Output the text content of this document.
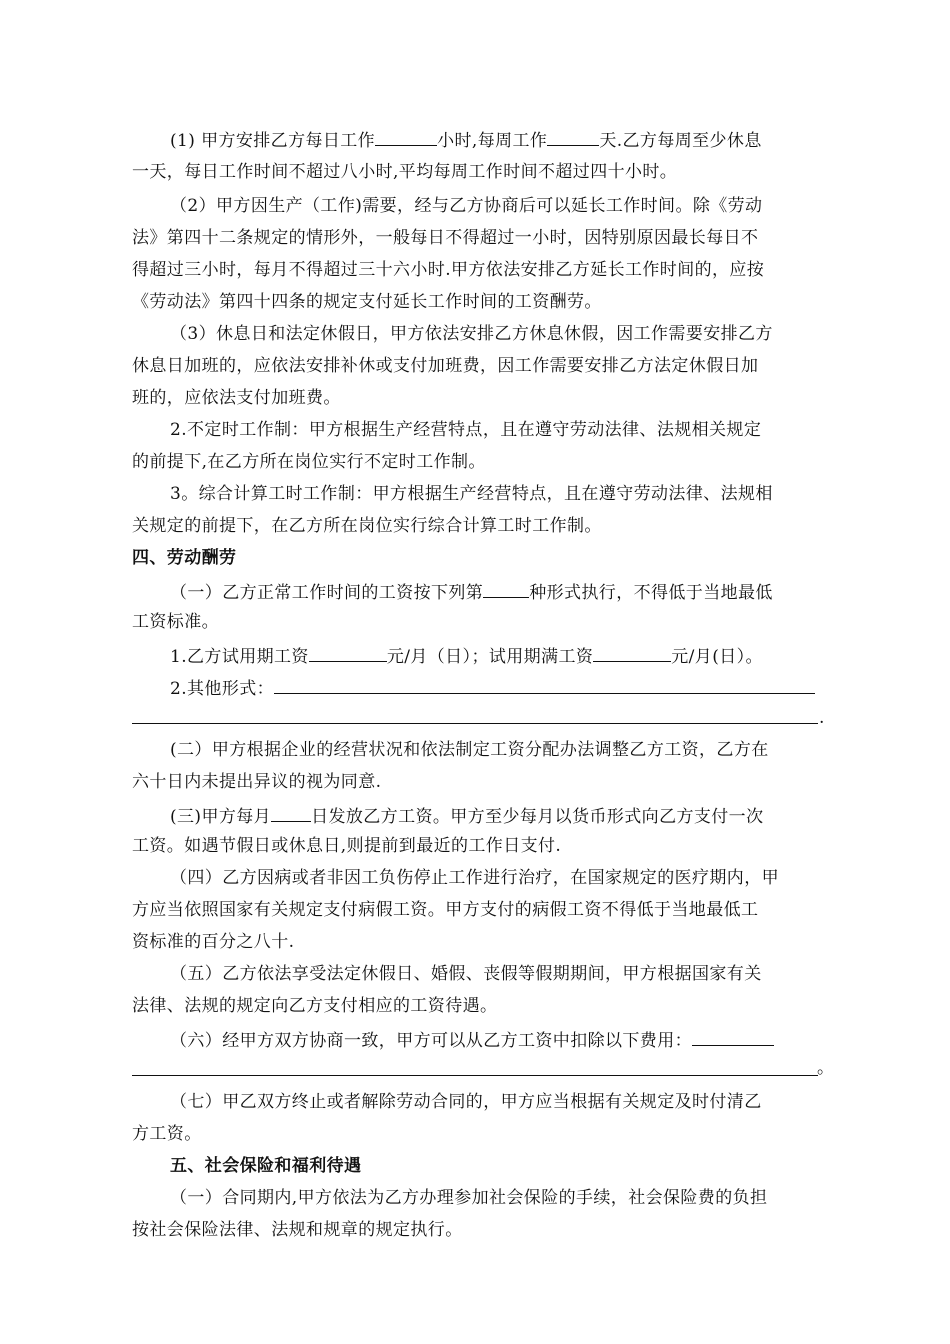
(1) 甲方安排乙方每日工作	小时,每周工作	天.乙方每周至少休息
一天，每日工作时间不超过八小时,平均每周工作时间不超过四十小时。
（2）甲方因生产（工作)需要，经与乙方协商后可以延长工作时间。除《劳动
法》第四十二条规定的情形外，一般每日不得超过一小时，因特别原因最长每日不
得超过三小时，每月不得超过三十六小时.甲方依法安排乙方延长工作时间的，应按
《劳动法》第四十四条的规定支付延长工作时间的工资酬劳。
（3）休息日和法定休假日，甲方依法安排乙方休息休假，因工作需要安排乙方
休息日加班的，应依法安排补休或支付加班费，因工作需要安排乙方法定休假日加
班的，应依法支付加班费。
2.不定时工作制：甲方根据生产经营特点，且在遵守劳动法律、法规相关规定
的前提下,在乙方所在岗位实行不定时工作制。
3。综合计算工时工作制：甲方根据生产经营特点，且在遵守劳动法律、法规相
关规定的前提下，在乙方所在岗位实行综合计算工时工作制。
四、劳动酬劳
（一）乙方正常工作时间的工资按下列第	种形式执行，不得低于当地最低
工资标准。
1.乙方试用期工资	元/月（日）；试用期满工资	元/月(日）。
2.其他形式：
.
(二）甲方根据企业的经营状况和依法制定工资分配办法调整乙方工资，乙方在
六十日内未提出异议的视为同意.
(三)甲方每月 日发放乙方工资。甲方至少每月以货币形式向乙方支付一次
工资。如遇节假日或休息日,则提前到最近的工作日支付.
（四）乙方因病或者非因工负伤停止工作进行治疗，在国家规定的医疗期内，甲
方应当依照国家有关规定支付病假工资。甲方支付的病假工资不得低于当地最低工
资标准的百分之八十.
（五）乙方依法享受法定休假日、婚假、丧假等假期期间，甲方根据国家有关
法律、法规的规定向乙方支付相应的工资待遇。
（六）经甲方双方协商一致，甲方可以从乙方工资中扣除以下费用：
。
（七）甲乙双方终止或者解除劳动合同的，甲方应当根据有关规定及时付清乙
方工资。
五、社会保险和福利待遇
（一）合同期内,甲方依法为乙方办理参加社会保险的手续，社会保险费的负担
按社会保险法律、法规和规章的规定执行。
